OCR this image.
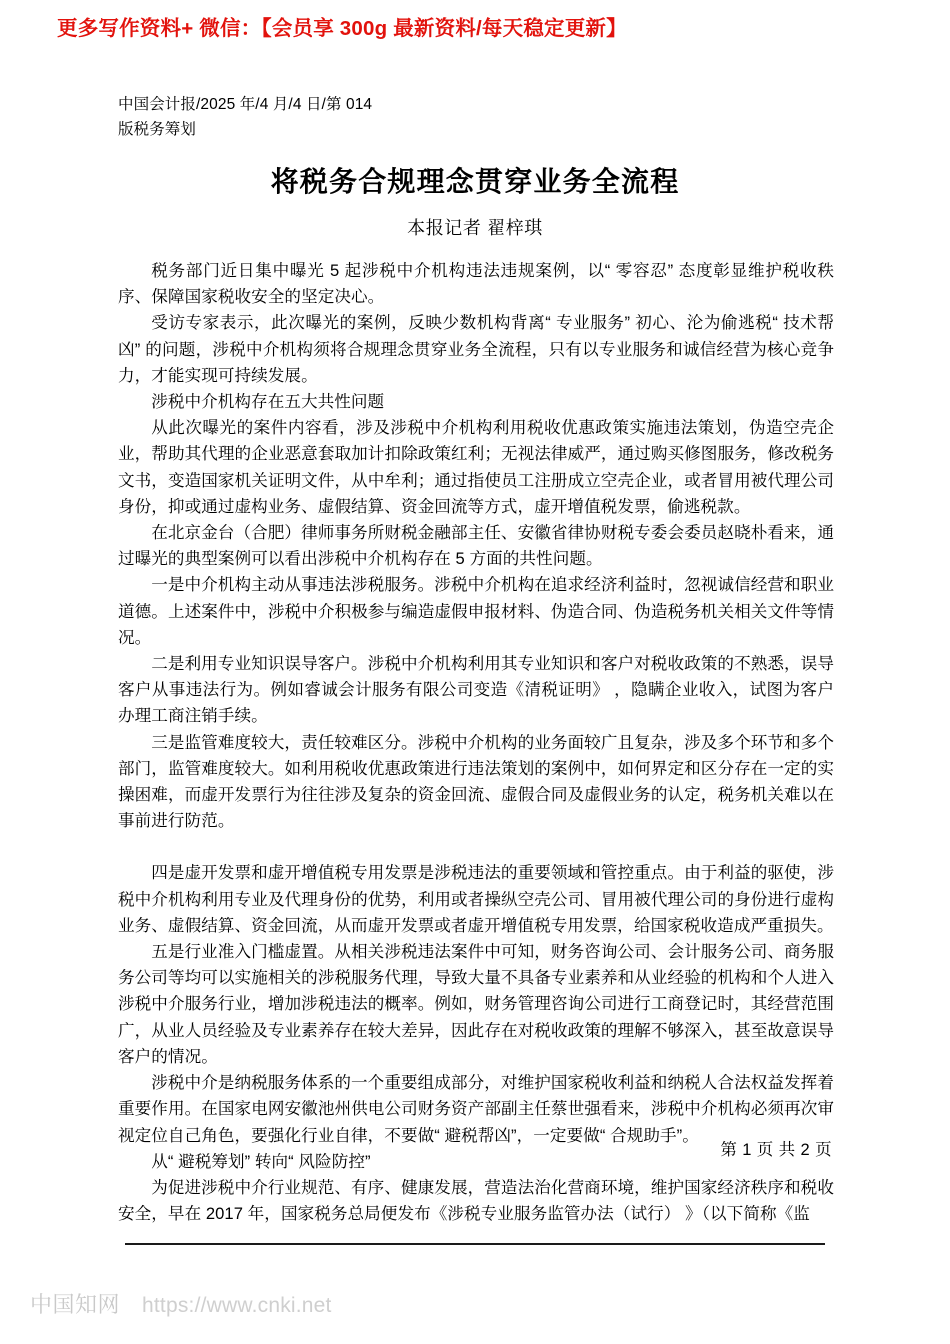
更多写作资料+ 微信：【会员享 300g 最新资料/每天稳定更新】
中国会计报/2025 年/4 月/4 日/第 014
版税务筹划
将税务合规理念贯穿业务全流程
本报记者 翟梓琪

税务部门近日集中曝光 5 起涉税中介机构违法违规案例，以“ 零容忍” 态度彰显维护税收秩序、保障国家税收安全的坚定决心。

受访专家表示，此次曝光的案例，反映少数机构背离“ 专业服务” 初心、沦为偷逃税“ 技术帮凶” 的问题，涉税中介机构须将合规理念贯穿业务全流程，只有以专业服务和诚信经营为核心竞争力，才能实现可持续发展。

涉税中介机构存在五大共性问题

从此次曝光的案件内容看，涉及涉税中介机构利用税收优惠政策实施违法策划，伪造空壳企业，帮助其代理的企业恶意套取加计扣除政策红利；无视法律威严，通过购买修图服务，修改税务文书，变造国家机关证明文件，从中牟利；通过指使员工注册成立空壳企业，或者冒用被代理公司身份，抑或通过虚构业务、虚假结算、资金回流等方式，虚开增值税发票，偷逃税款。

在北京金台（合肥）律师事务所财税金融部主任、安徽省律协财税专委会委员赵晓朴看来，通过曝光的典型案例可以看出涉税中介机构存在 5 方面的共性问题。

一是中介机构主动从事违法涉税服务。涉税中介机构在追求经济利益时，忽视诚信经营和职业道德。上述案件中，涉税中介积极参与编造虚假申报材料、伪造合同、伪造税务机关相关文件等情况。

二是利用专业知识误导客户。涉税中介机构利用其专业知识和客户对税收政策的不熟悉，误导客户从事违法行为。例如睿诚会计服务有限公司变造《清税证明》 ，隐瞒企业收入，试图为客户办理工商注销手续。

三是监管难度较大，责任较难区分。涉税中介机构的业务面较广且复杂，涉及多个环节和多个部门，监管难度较大。如利用税收优惠政策进行违法策划的案例中，如何界定和区分存在一定的实操困难，而虚开发票行为往往涉及复杂的资金回流、虚假合同及虚假业务的认定，税务机关难以在事前进行防范。

四是虚开发票和虚开增值税专用发票是涉税违法的重要领域和管控重点。由于利益的驱使，涉税中介机构利用专业及代理身份的优势，利用或者操纵空壳公司、冒用被代理公司的身份进行虚构业务、虚假结算、资金回流，从而虚开发票或者虚开增值税专用发票，给国家税收造成严重损失。

五是行业准入门槛虚置。从相关涉税违法案件中可知，财务咨询公司、会计服务公司、商务服务公司等均可以实施相关的涉税服务代理，导致大量不具备专业素养和从业经验的机构和个人进入涉税中介服务行业，增加涉税违法的概率。例如，财务管理咨询公司进行工商登记时，其经营范围广，从业人员经验及专业素养存在较大差异，因此存在对税收政策的理解不够深入，甚至故意误导客户的情况。

涉税中介是纳税服务体系的一个重要组成部分，对维护国家税收利益和纳税人合法权益发挥着重要作用。在国家电网安徽池州供电公司财务资产部副主任蔡世强看来，涉税中介机构必须再次审视定位自己角色，要强化行业自律，不要做“ 避税帮凶”，一定要做“ 合规助手”。

从“ 避税筹划” 转向“ 风险防控”

为促进涉税中介行业规范、有序、健康发展，营造法治化营商环境，维护国家经济秩序和税收安全，早在 2017 年，国家税务总局便发布《涉税专业服务监管办法（试行） 》（以下简称《监

第 1 页 共 2 页
中国知网 https://www.cnki.net
